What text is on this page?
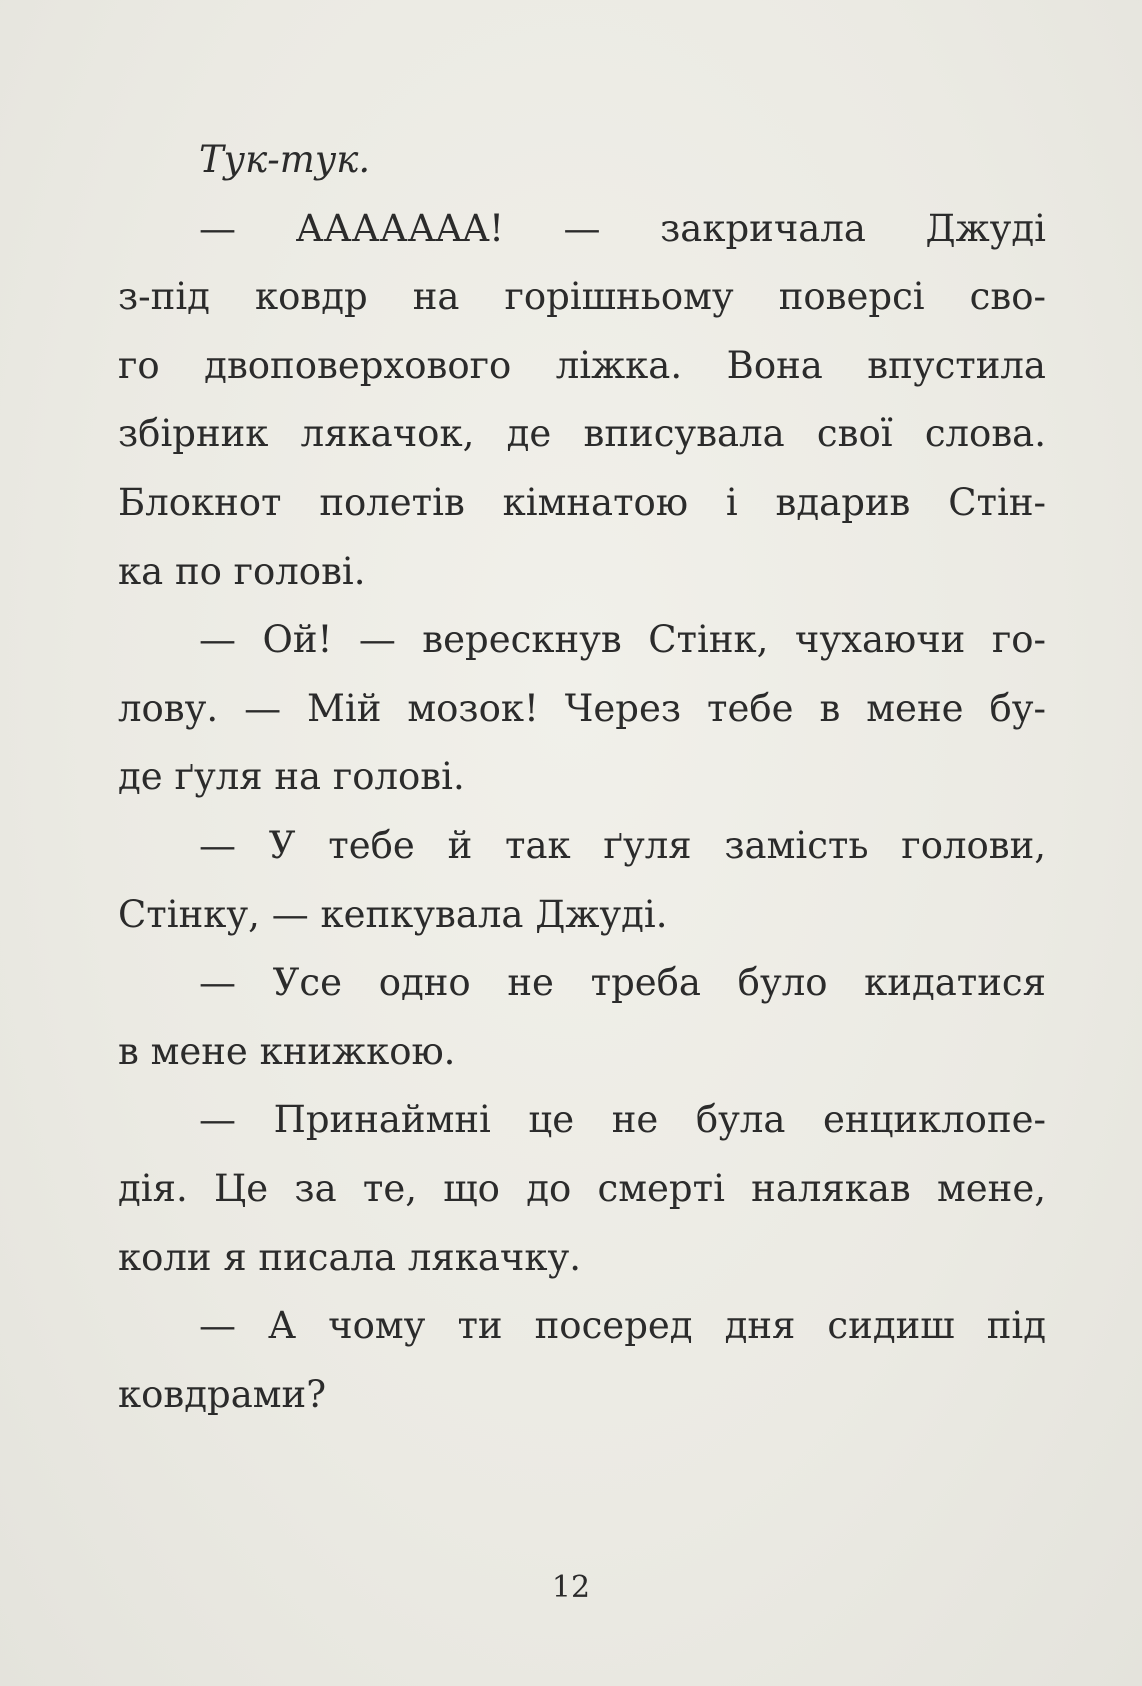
Тук-тук.
— АААААAA! — закричала Джуді
з-під ковдр на горішньому поверсі сво-
го двоповерхового ліжка. Вона впустила
збірник лякачок, де вписувала свої слова.
Блокнот полетів кімнатою і вдарив Стін-
ка по голові.
— Ой! — верескнув Стінк, чухаючи го-
лову. — Мій мозок! Через тебе в мене бу-
де ґуля на голові.
— У тебе й так ґуля замість голови,
Стінку, — кепкувала Джуді.
— Усе одно не треба було кидатися
в мене книжкою.
— Принаймні це не була енциклопе-
дія. Це за те, що до смерті налякав мене,
коли я писала лякачку.
— А чому ти посеред дня сидиш під
ковдрами?
12
